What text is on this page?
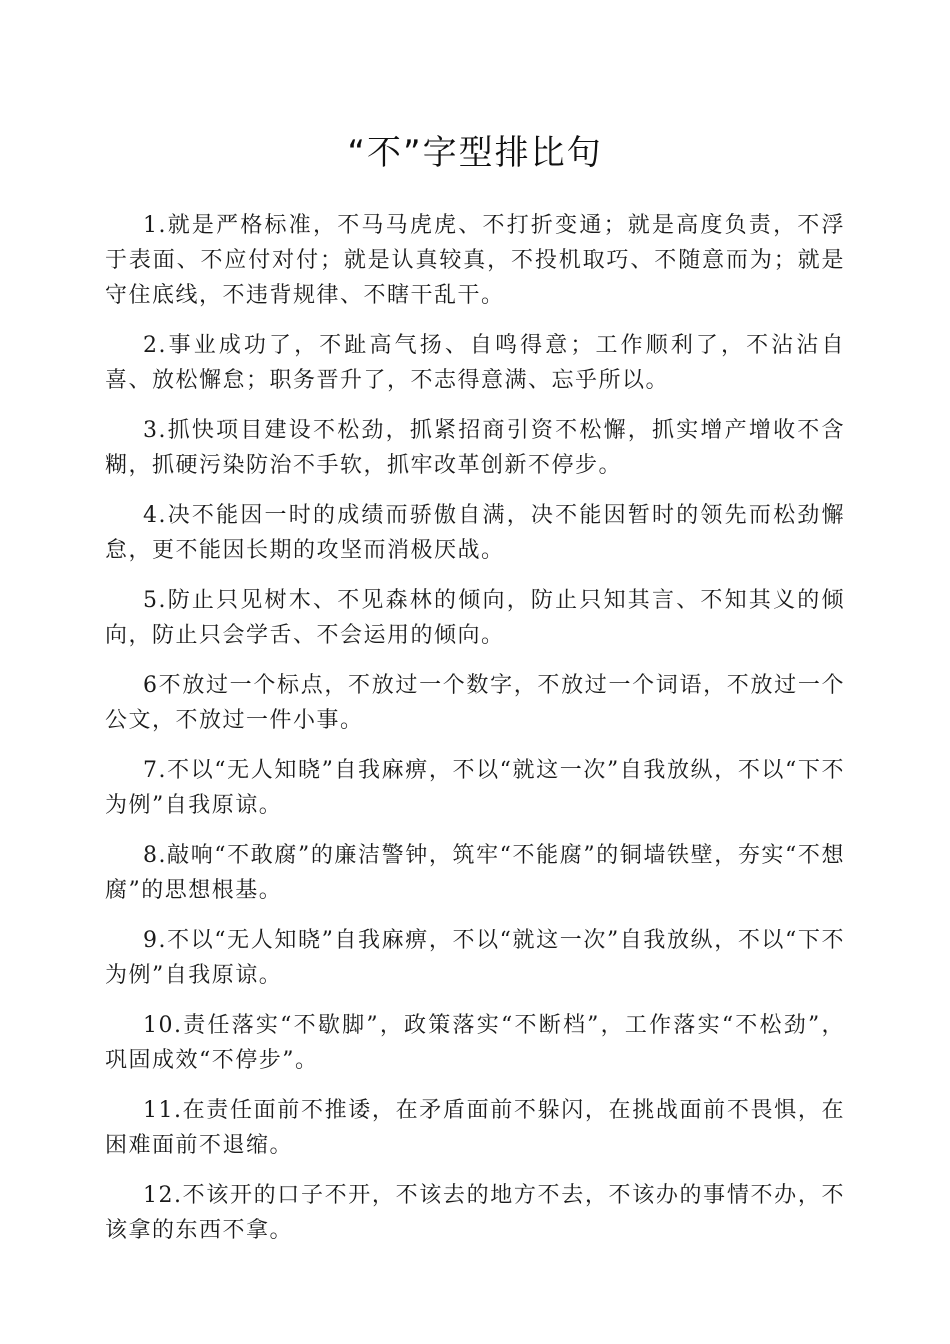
“不”字型排比句

1.就是严格标准，不马马虎虎、不打折变通；就是高度负责，不浮于表面、不应付对付；就是认真较真，不投机取巧、不随意而为；就是守住底线，不违背规律、不瞎干乱干。

2.事业成功了，不趾高气扬、自鸣得意；工作顺利了，不沾沾自喜、放松懈怠；职务晋升了，不志得意满、忘乎所以。

3.抓快项目建设不松劲，抓紧招商引资不松懈，抓实增产增收不含糊，抓硬污染防治不手软，抓牢改革创新不停步。

4.决不能因一时的成绩而骄傲自满，决不能因暂时的领先而松劲懈怠，更不能因长期的攻坚而消极厌战。

5.防止只见树木、不见森林的倾向，防止只知其言、不知其义的倾向，防止只会学舌、不会运用的倾向。

6不放过一个标点，不放过一个数字，不放过一个词语，不放过一个公文，不放过一件小事。

7.不以“无人知晓”自我麻痹，不以“就这一次”自我放纵，不以“下不为例”自我原谅。

8.敲响“不敢腐”的廉洁警钟，筑牢“不能腐”的铜墙铁壁，夯实“不想腐”的思想根基。

9.不以“无人知晓”自我麻痹，不以“就这一次”自我放纵，不以“下不为例”自我原谅。

10.责任落实“不歇脚”，政策落实“不断档”，工作落实“不松劲”，巩固成效“不停步”。

11.在责任面前不推诿，在矛盾面前不躲闪，在挑战面前不畏惧，在困难面前不退缩。

12.不该开的口子不开，不该去的地方不去，不该办的事情不办，不该拿的东西不拿。
